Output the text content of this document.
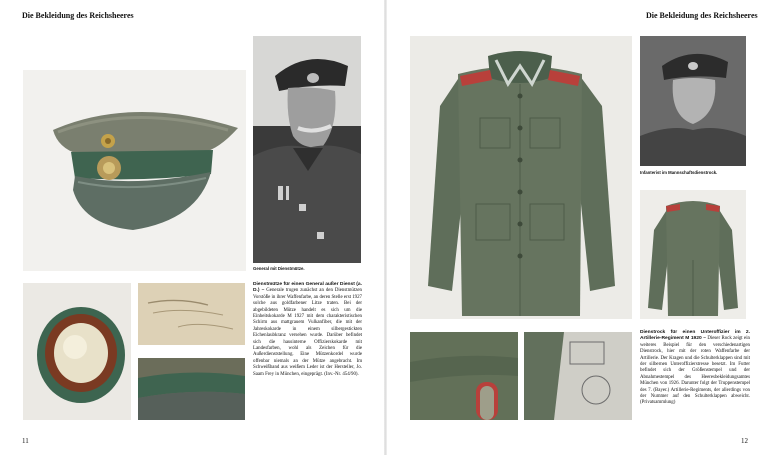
Die Bekleidung des Reichsheeres
General mit Dienstmütze.
Dienstmütze für einen General außer Dienst (a. D.) – Generale trugen zunächst an den Dienstmützen Vorstöße in ihrer Waffenfarbe, an deren Stelle erst 1927 solche aus goldfarbener Litze traten. Bei der abgebildeten Mütze handelt es sich um die Einheitskokarde M 1927 mit dem charakteristischen Schirm aus mattgrauem Vulkanfiber, die mit der Jahreskokarde in einem silbergestickten Eichenlaubkranz versehen wurde. Darüber befindet sich die hausinterne Offizierskokarde mit Landesfarben, wohl als Zeichen für die Außerdienststellung. Eine Mützenkordel wurde offenbar niemals an der Mütze angebracht. Im Schweißband aus weißem Leder ist der Hersteller, Jo. Saam Frey in München, eingeprägt. (Inv.-Nr. 454/90).
11
Die Bekleidung des Reichsheeres
Infanterist im Mannschaftsdienstrock.
Dienstrock für einen Unteroffizier im 2. Artillerie-Regiment M 1920 – Dieser Rock zeigt ein weiteres Beispiel für den verschiedenartigen Dienstrock, hier mit der roten Waffenfarbe der Artillerie. Der Kragen und die Schulterklappen sind mit der silbernen Unteroffizierstresse besetzt. Im Futter befindet sich der Größenstempel und der Abnahmestempel des Heeresbekleidungsamtes München von 1926. Darunter folgt der Truppenstempel des 7. (Bayer.) Artillerie-Regiments, der allerdings von der Nummer auf den Schulterklappen abweicht. (Privatsammlung)
12
